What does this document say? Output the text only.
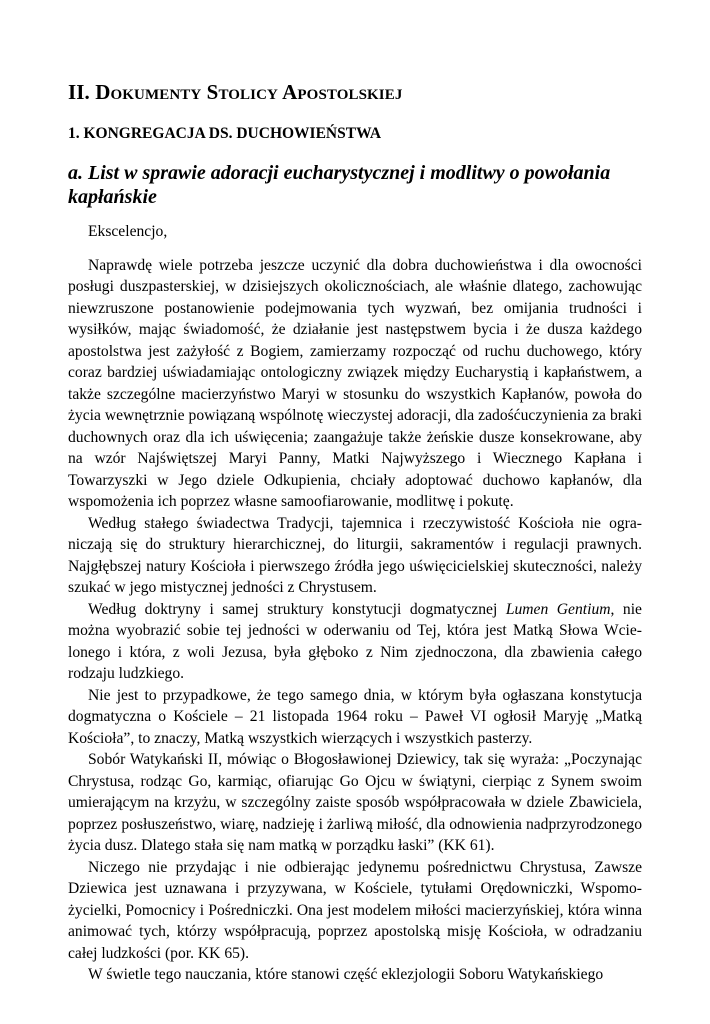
II. Dokumenty Stolicy Apostolskiej
1. KONGREGACJA DS. DUCHOWIEŃSTWA
a. List w sprawie adoracji eucharystycznej i modlitwy o powołania kapłańskie

Ekscelencjo,

Naprawdę wiele potrzeba jeszcze uczynić dla dobra duchowieństwa i dla owocności posługi duszpasterskiej, w dzisiejszych okolicznościach, ale właśnie dlatego, zachowując niewzruszone postanowienie podejmowania tych wyzwań, bez omijania trudności i wysiłków, mając świadomość, że działanie jest następstwem bycia i że dusza każdego apostolstwa jest zażyłość z Bogiem, zamierzamy rozpocząć od ruchu duchowego, który coraz bardziej uświadamiając ontologiczny związek między Eucharystią i kapłaństwem, a także szczególne macierzyństwo Maryi w stosunku do wszystkich Kapłanów, powoła do życia wewnętrznie powiązaną wspólnotę wieczystej adoracji, dla zadośćuczynienia za braki duchownych oraz dla ich uświęcenia; zaangażuje także żeńskie dusze konsekrowane, aby na wzór Najświętszej Maryi Panny, Matki Najwyższego i Wiecznego Kapłana i Towarzyszki w Jego dziele Odkupienia, chciały adoptować duchowo kapłanów, dla wspomożenia ich poprzez własne samoofiarowanie, modlitwę i pokutę.

Według stałego świadectwa Tradycji, tajemnica i rzeczywistość Kościoła nie ograniczają się do struktury hierarchicznej, do liturgii, sakramentów i regulacji prawnych. Najgłębszej natury Kościoła i pierwszego źródła jego uświęcicielskiej skuteczności, należy szukać w jego mistycznej jedności z Chrystusem.

Według doktryny i samej struktury konstytucji dogmatycznej Lumen Gentium, nie można wyobrazić sobie tej jedności w oderwaniu od Tej, która jest Matką Słowa Wcielonego i która, z woli Jezusa, była głęboko z Nim zjednoczona, dla zbawienia całego rodzaju ludzkiego.

Nie jest to przypadkowe, że tego samego dnia, w którym była ogłaszana konstytucja dogmatyczna o Kościele – 21 listopada 1964 roku – Paweł VI ogłosił Maryję „Matką Kościoła”, to znaczy, Matką wszystkich wierzących i wszystkich pasterzy.

Sobór Watykański II, mówiąc o Błogosławionej Dziewicy, tak się wyraża: „Poczynając Chrystusa, rodząc Go, karmiąc, ofiarując Go Ojcu w świątyni, cierpiąc z Synem swoim umierającym na krzyżu, w szczególny zaiste sposób współpracowała w dziele Zbawiciela, poprzez posłuszeństwo, wiarę, nadzieję i żarliwą miłość, dla odnowienia nadprzyrodzonego życia dusz. Dlatego stała się nam matką w porządku łaski” (KK 61).

Niczego nie przydając i nie odbierając jedynemu pośrednictwu Chrystusa, Zawsze Dziewica jest uznawana i przyzywana, w Kościele, tytułami Orędowniczki, Wspomożycielki, Pomocnicy i Pośredniczki. Ona jest modelem miłości macierzyńskiej, która winna animować tych, którzy współpracują, poprzez apostolską misję Kościoła, w odradzaniu całej ludzkości (por. KK 65).

W świetle tego nauczania, które stanowi część eklezjologii Soboru Watykańskiego
